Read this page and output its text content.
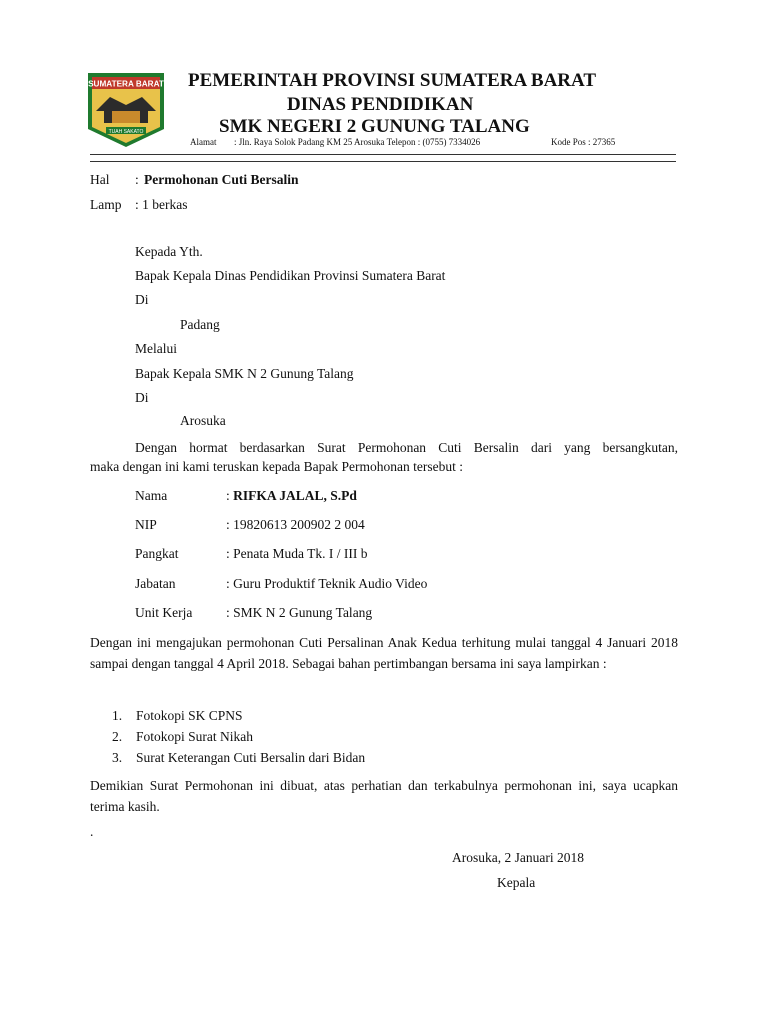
SUMATERA BARAT
TUAH SAKATO
PEMERINTAH PROVINSI SUMATERA BARAT
DINAS PENDIDIKAN
SMK NEGERI 2 GUNUNG TALANG
Alamat : Jln. Raya Solok Padang KM 25 Arosuka Telepon : (0755) 7334026	Kode Pos : 27365
Hal : Permohonan Cuti Bersalin
Lamp : 1 berkas
Kepada Yth.
Bapak Kepala Dinas Pendidikan Provinsi Sumatera Barat
Di
Padang
Melalui
Bapak Kepala SMK N 2 Gunung Talang
Di
Arosuka
Dengan hormat berdasarkan Surat Permohonan Cuti Bersalin dari yang bersangkutan,
maka dengan ini kami teruskan kepada Bapak Permohonan tersebut :
Nama	: RIFKA JALAL, S.Pd
NIP	: 19820613 200902 2 004
Pangkat	: Penata Muda Tk. I / III b
Jabatan	: Guru Produktif Teknik Audio Video
Unit Kerja : SMK N 2 Gunung Talang
Dengan ini mengajukan permohonan Cuti Persalinan Anak Kedua terhitung mulai tanggal 4 Januari 2018 sampai dengan tanggal 4 April 2018. Sebagai bahan pertimbangan bersama ini saya lampirkan :
1. Fotokopi SK CPNS
2. Fotokopi Surat Nikah
3. Surat Keterangan Cuti Bersalin dari Bidan
Demikian Surat Permohonan ini dibuat, atas perhatian dan terkabulnya permohonan ini, saya ucapkan terima kasih.
.
Arosuka, 2 Januari 2018
Kepala
